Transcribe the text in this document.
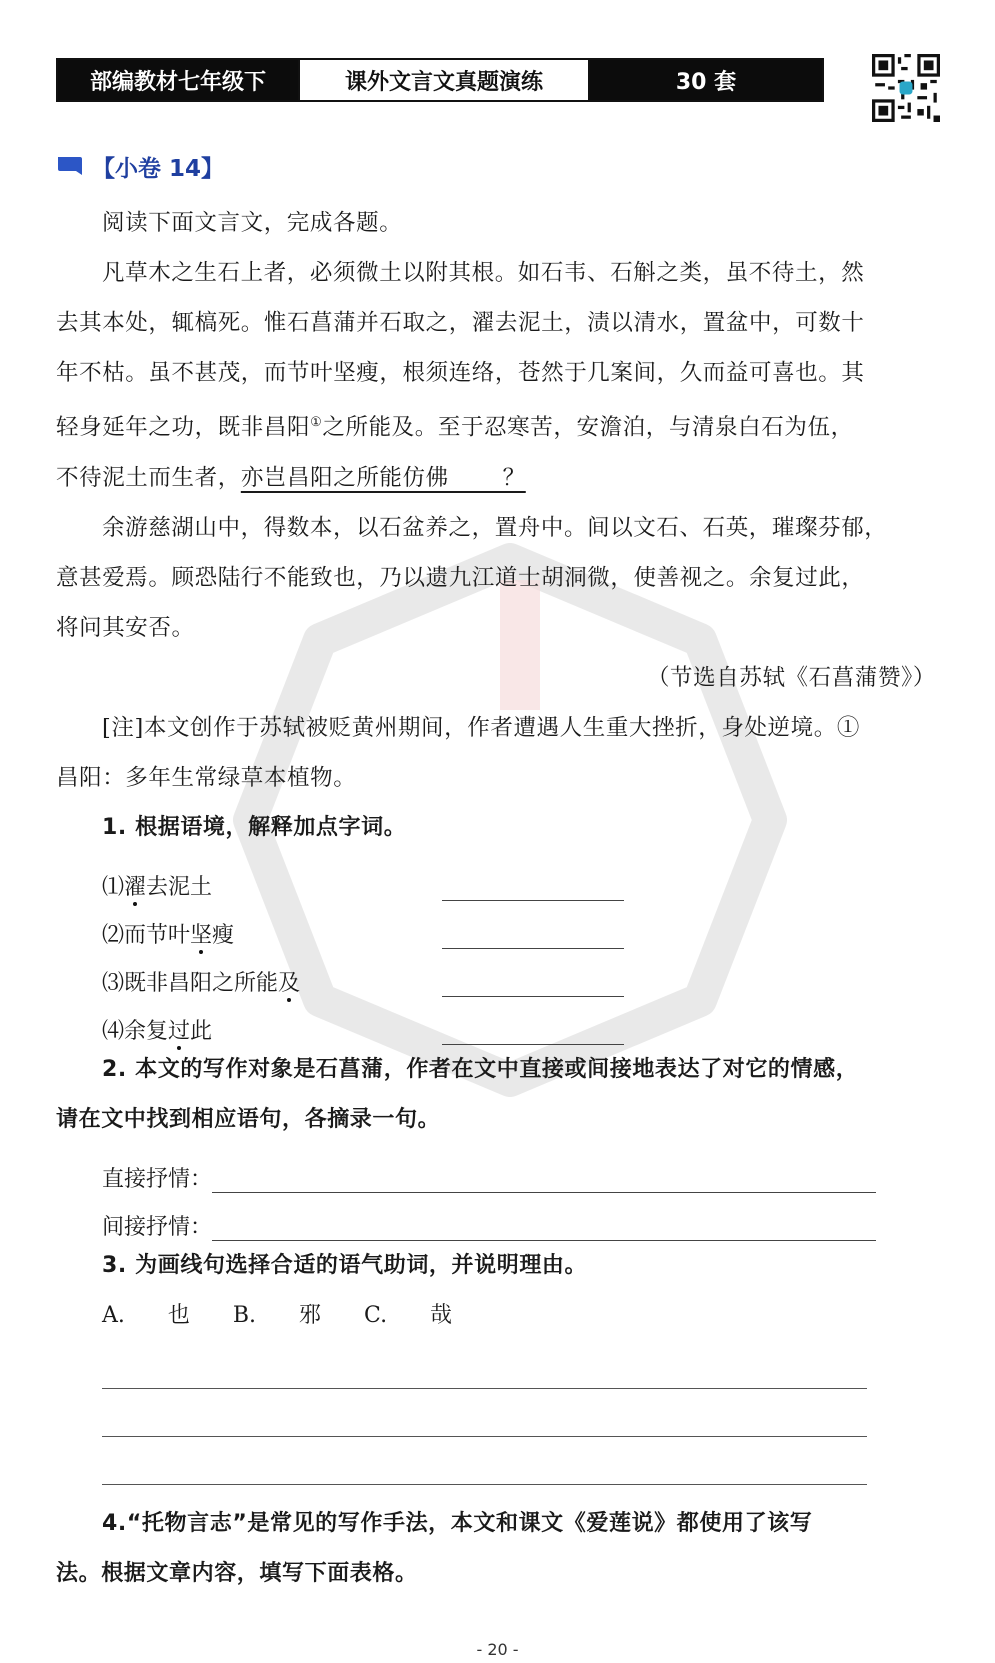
部编教材七年级下	课外文言文真题演练	30 套
【小卷 14】
阅读下面文言文，完成各题。
凡草木之生石上者，必须微土以附其根。如石韦、石斛之类，虽不待土，然
去其本处，辄槁死。惟石菖蒲并石取之，濯去泥土，渍以清水，置盆中，可数十
年不枯。虽不甚茂，而节叶坚瘦，根须连络，苍然于几案间，久而益可喜也。其
轻身延年之功，既非昌阳①之所能及。至于忍寒苦，安澹泊，与清泉白石为伍，
不待泥土而生者，亦岂昌阳之所能仿佛　　 ？
余游慈湖山中，得数本，以石盆养之，置舟中。间以文石、石英，璀璨芬郁，
意甚爱焉。顾恐陆行不能致也，乃以遗九江道士胡洞微，使善视之。余复过此，
将问其安否。
（节选自苏轼《石菖蒲赞》）
[注]本文创作于苏轼被贬黄州期间，作者遭遇人生重大挫折，身处逆境。①
昌阳：多年生常绿草本植物。
1. 根据语境，解释加点字词。
⑴濯去泥土
⑵而节叶坚瘦
⑶既非昌阳之所能及
⑷余复过此
2. 本文的写作对象是石菖蒲，作者在文中直接或间接地表达了对它的情感，
请在文中找到相应语句，各摘录一句。
直接抒情：
间接抒情：
3. 为画线句选择合适的语气助词，并说明理由。
A. 也 B. 邪 C. 哉
4.“托物言志”是常见的写作手法，本文和课文《爱莲说》都使用了该写
法。根据文章内容，填写下面表格。
- 20 -
